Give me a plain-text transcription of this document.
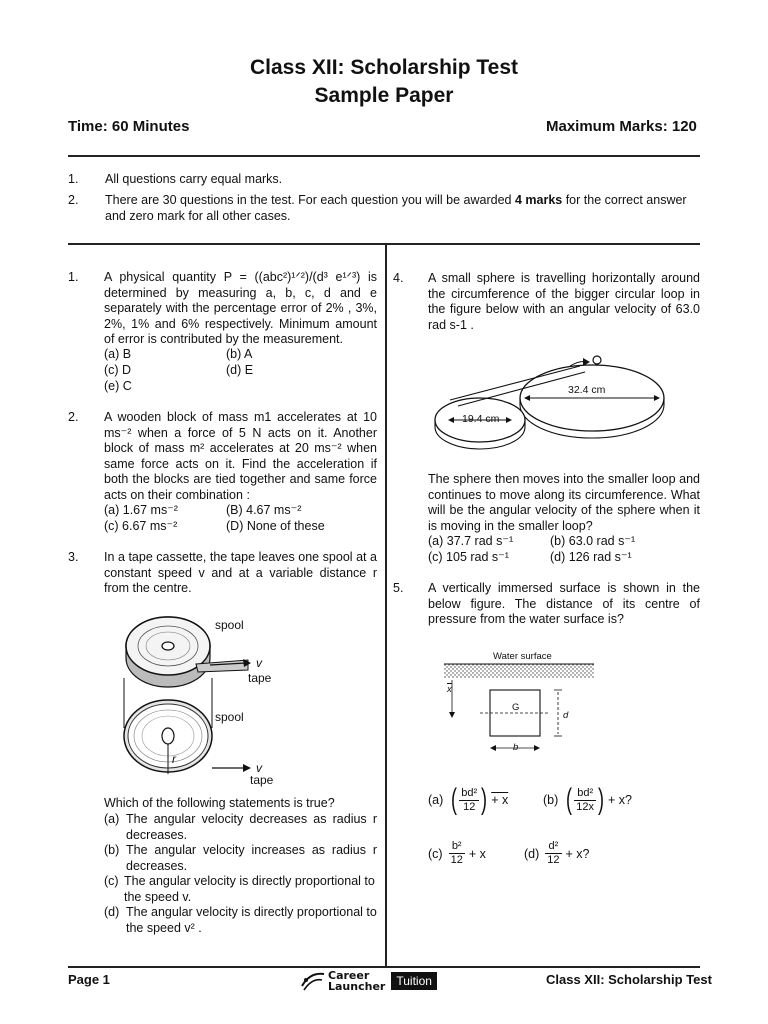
Class XII: Scholarship Test
Sample Paper
Time: 60 Minutes	Maximum Marks: 120
1. All questions carry equal marks.
2. There are 30 questions in the test. For each question you will be awarded 4 marks for the correct answer and zero mark for all other cases.
1. A physical quantity P = ((abc²)¹ᐟ²)/(d³ e¹ᐟ³) is determined by measuring a, b, c, d and e separately with the percentage error of 2% , 3%, 2%, 1% and 6% respectively. Minimum amount of error is contributed by the measurement.
(a) B	(b) A
(c) D	(d) E
(e) C
2. A wooden block of mass m1 accelerates at 10 ms⁻² when a force of 5 N acts on it. Another block of mass m² accelerates at 20 ms⁻² when same force acts on it. Find the acceleration if both the blocks are tied together and same force acts on their combination :
(a) 1.67 ms⁻²	(B) 4.67 ms⁻²
(c) 6.67 ms⁻²	(D) None of these
3. In a tape cassette, the tape leaves one spool at a constant speed v and at a variable distance r from the centre.
spool
v
tape
spool
r
v
tape
Which of the following statements is true?
(a) The angular velocity decreases as radius r decreases.
(b) The angular velocity increases as radius r decreases.
(c) The angular velocity is directly proportional to the speed v.
(d) The angular velocity is directly proportional to the speed v² .
4. A small sphere is travelling horizontally around the circumference of the bigger circular loop in the figure below with an angular velocity of 63.0 rad s-1 .
19.4 cm
32.4 cm
The sphere then moves into the smaller loop and continues to move along its circumference. What will be the angular velocity of the sphere when it is moving in the smaller loop?
(a) 37.7 rad s⁻¹	(b) 63.0 rad s⁻¹
(c) 105 rad s⁻¹	(d) 126 rad s⁻¹
5. A vertically immersed surface is shown in the below figure. The distance of its centre of pressure from the water surface is?
Water surface
$\overline{x}$
G
d
b
(a) ( $\frac{\text{bd²}}{12}$ ) + x	(b) ( $\frac{\text{bd²}}{12x}$ ) + x?
$(c) \frac{\text{b²}}{12} + x$	$(d) \frac{\text{d²}}{12} + x$?
Page 1	Career
Launcher Tuition	Class XII: Scholarship Test
